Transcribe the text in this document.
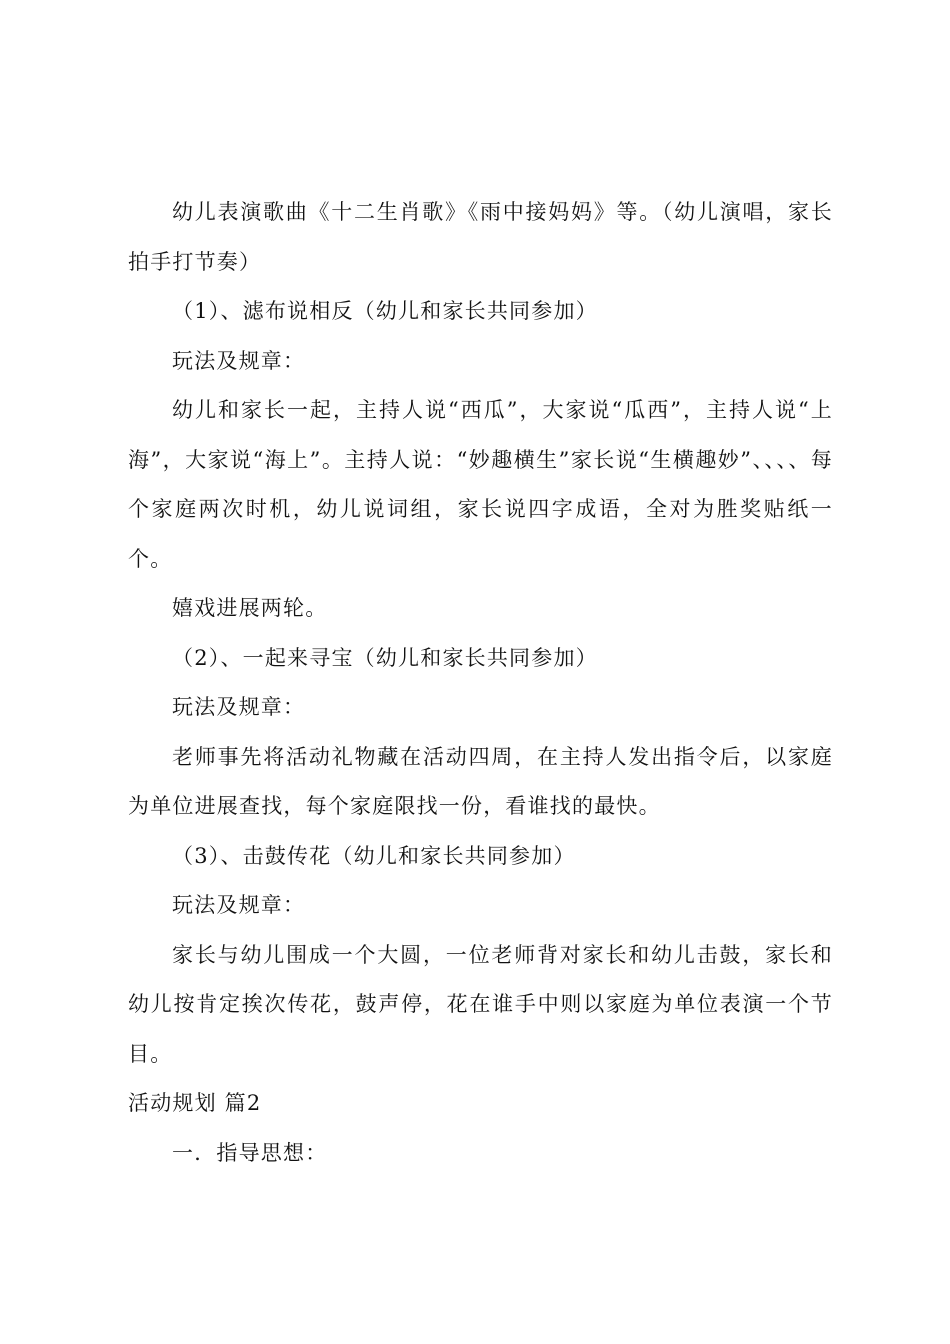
幼儿表演歌曲《十二生肖歌》《雨中接妈妈》等。（幼儿演唱，家长拍手打节奏）

（1）、滤布说相反（幼儿和家长共同参加）

玩法及规章：

幼儿和家长一起，主持人说“西瓜”，大家说“瓜西”，主持人说“上海”，大家说“海上”。主持人说：“妙趣横生”家长说“生横趣妙”、、、、每个家庭两次时机，幼儿说词组，家长说四字成语，全对为胜奖贴纸一个。

嬉戏进展两轮。

（2）、一起来寻宝（幼儿和家长共同参加）

玩法及规章：

老师事先将活动礼物藏在活动四周，在主持人发出指令后，以家庭为单位进展查找，每个家庭限找一份，看谁找的最快。

（3）、击鼓传花（幼儿和家长共同参加）

玩法及规章：

家长与幼儿围成一个大圆，一位老师背对家长和幼儿击鼓，家长和幼儿按肯定挨次传花，鼓声停，花在谁手中则以家庭为单位表演一个节目。

活动规划 篇2

一．指导思想：
